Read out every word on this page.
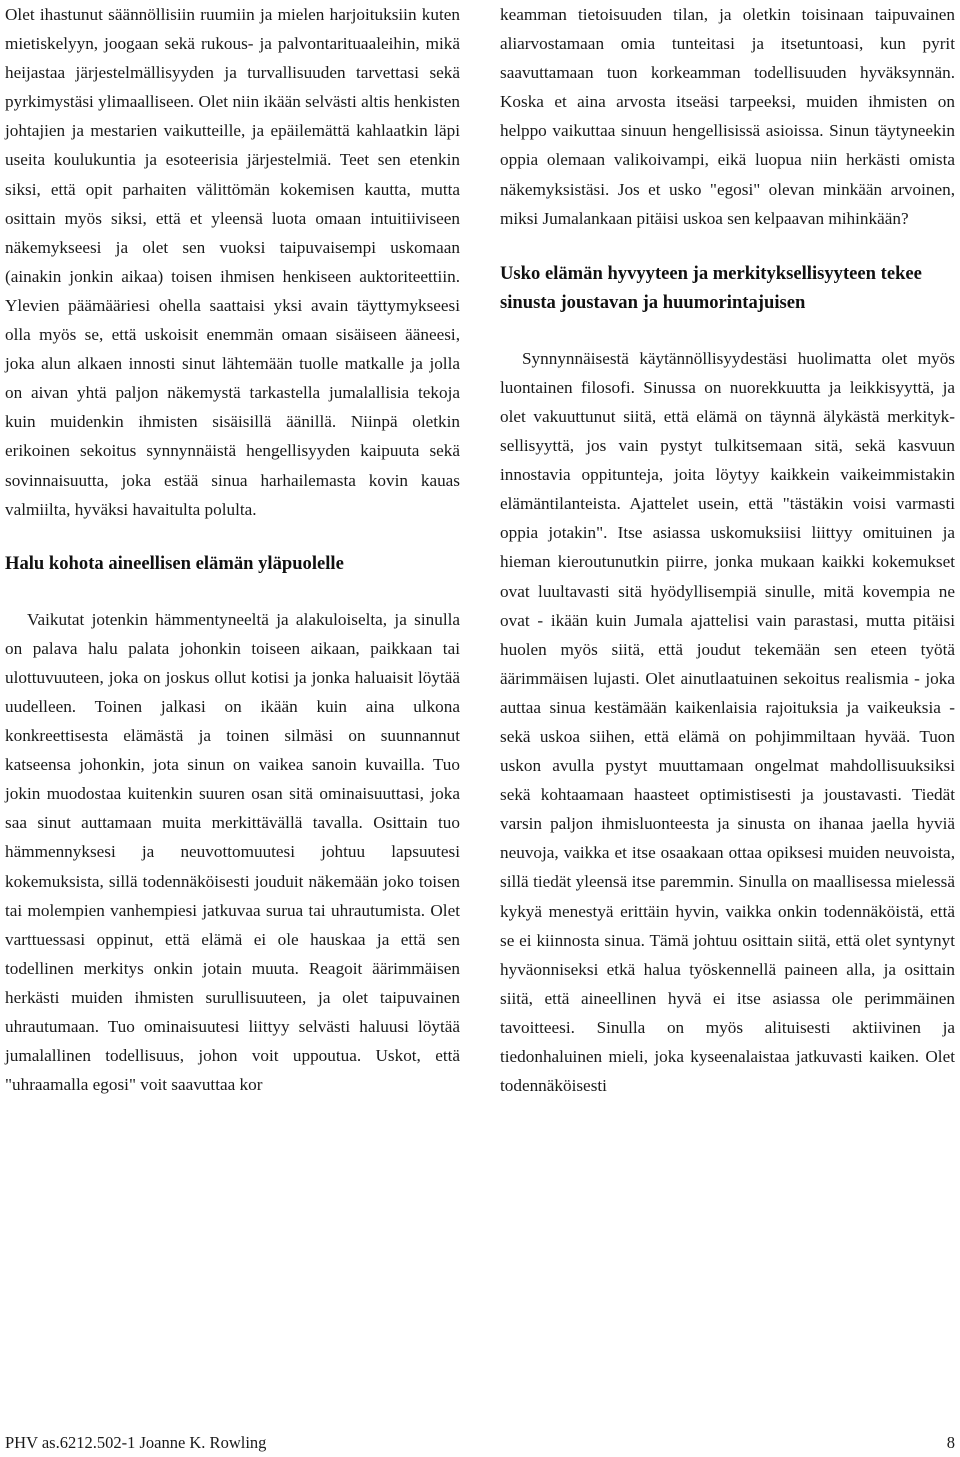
Olet ihastunut säännöllisiin ruumiin ja mielen harjoituksiin kuten mietiskelyyn, joogaan sekä rukous- ja palvontarituaaleihin, mikä heijastaa järjestelmällisyyden ja turvallisuuden tarvettasi sekä pyrkimystäsi ylimaalliseen. Olet niin ikään selvästi altis henkisten johtajien ja mestarien vaikutteille, ja epäilemättä kahlaatkin läpi useita koulukuntia ja esoteerisia järjestelmiä. Teet sen etenkin siksi, että opit parhaiten välittömän kokemisen kautta, mutta osittain myös siksi, että et yleensä luota omaan intuitiiviseen näkemykseesi ja olet sen vuoksi taipuvaisempi uskomaan (ainakin jonkin aikaa) toisen ihmisen henkiseen auktoriteettiin. Ylevien päämääriesi ohella saattaisi yksi avain täyttymykseesi olla myös se, että uskoisit enemmän omaan sisäiseen ääneesi, joka alun alkaen innosti sinut lähtemään tuolle matkalle ja jolla on aivan yhtä paljon näkemystä tarkastella jumalallisia tekoja kuin muidenkin ihmisten sisäisillä äänillä. Niinpä oletkin erikoinen sekoitus synnynnäistä hengellisyyden kaipuuta sekä sovinnaisuutta, joka estää sinua harhailemasta kovin kauas valmiilta, hyväksi havaitulta polulta.

Halu kohota aineellisen elämän yläpuolelle

Vaikutat jotenkin hämmentyneeltä ja alakuloiselta, ja sinulla on palava halu palata johonkin toiseen aikaan, paikkaan tai ulottuvuuteen, joka on joskus ollut kotisi ja jonka haluaisit löytää uudelleen. Toinen jalkasi on ikään kuin aina ulkona konkreettisesta elämästä ja toinen silmäsi on suunnannut katseensa johonkin, jota sinun on vaikea sanoin kuvailla. Tuo jokin muodostaa kuitenkin suuren osan sitä ominaisuuttasi, joka saa sinut auttamaan muita merkittävällä tavalla. Osittain tuo hämmennyksesi ja neuvottomuutesi johtuu lapsuutesi kokemuksista, sillä todennäköisesti jouduit näkemään joko toisen tai molempien vanhempiesi jatkuvaa surua tai uhrautumista. Olet varttuessasi oppinut, että elämä ei ole hauskaa ja että sen todellinen merkitys onkin jotain muuta. Reagoit äärimmäisen herkästi muiden ihmisten surullisuuteen, ja olet taipuvainen uhrautumaan. Tuo ominaisuutesi liittyy selvästi haluusi löytää jumalallinen todellisuus, johon voit uppoutua. Uskot, että "uhraamalla egosi" voit saavuttaa kor

keamman tietoisuuden tilan, ja oletkin toisinaan taipuvainen aliarvostamaan omia tunteitasi ja itsetuntoasi, kun pyrit saavuttamaan tuon korkeamman todellisuuden hyväksynnän. Koska et aina arvosta itseäsi tarpeeksi, muiden ihmisten on helppo vaikuttaa sinuun hengellisissä asioissa. Sinun täytyneekin oppia olemaan valikoivampi, eikä luopua niin herkästi omista näkemyksistäsi. Jos et usko "egosi" olevan minkään arvoinen, miksi Jumalankaan pitäisi uskoa sen kelpaavan mihinkään?

Usko elämän hyvyyteen ja merkityksellisyyteen tekee sinusta joustavan ja huumorintajuisen

Synnynnäisestä käytännöllisyydestäsi huolimatta olet myös luontainen filosofi. Sinussa on nuorekkuutta ja leikkisyyttä, ja olet vakuuttunut siitä, että elämä on täynnä älykästä merkityksellisyyttä, jos vain pystyt tulkitsemaan sitä, sekä kasvuun innostavia oppitunteja, joita löytyy kaikkein vaikeimmistakin elämäntilanteista. Ajattelet usein, että "tästäkin voisi varmasti oppia jotakin". Itse asiassa uskomuksiisi liittyy omituinen ja hieman kieroutunutkin piirre, jonka mukaan kaikki kokemukset ovat luultavasti sitä hyödyllisempiä sinulle, mitä kovempia ne ovat - ikään kuin Jumala ajattelisi vain parastasi, mutta pitäisi huolen myös siitä, että joudut tekemään sen eteen työtä äärimmäisen lujasti. Olet ainutlaatuinen sekoitus realismia - joka auttaa sinua kestämään kaikenlaisia rajoituksia ja vaikeuksia - sekä uskoa siihen, että elämä on pohjimmiltaan hyvää. Tuon uskon avulla pystyt muuttamaan ongelmat mahdollisuuksiksi sekä kohtaamaan haasteet optimistisesti ja joustavasti. Tiedät varsin paljon ihmisluonteesta ja sinusta on ihanaa jaella hyviä neuvoja, vaikka et itse osaakaan ottaa opiksesi muiden neuvoista, sillä tiedät yleensä itse paremmin. Sinulla on maallisessa mielessä kykyä menestyä erittäin hyvin, vaikka onkin todennäköistä, että se ei kiinnosta sinua. Tämä johtuu osittain siitä, että olet syntynyt hyväonniseksi etkä halua työskennellä paineen alla, ja osittain siitä, että aineellinen hyvä ei itse asiassa ole perimmäinen tavoitteesi. Sinulla on myös alituisesti aktiivinen ja tiedonhaluinen mieli, joka kyseenalaistaa jatkuvasti kaiken. Olet todennäköisesti

PHV as.6212.502-1 Joanne K. Rowling	8
